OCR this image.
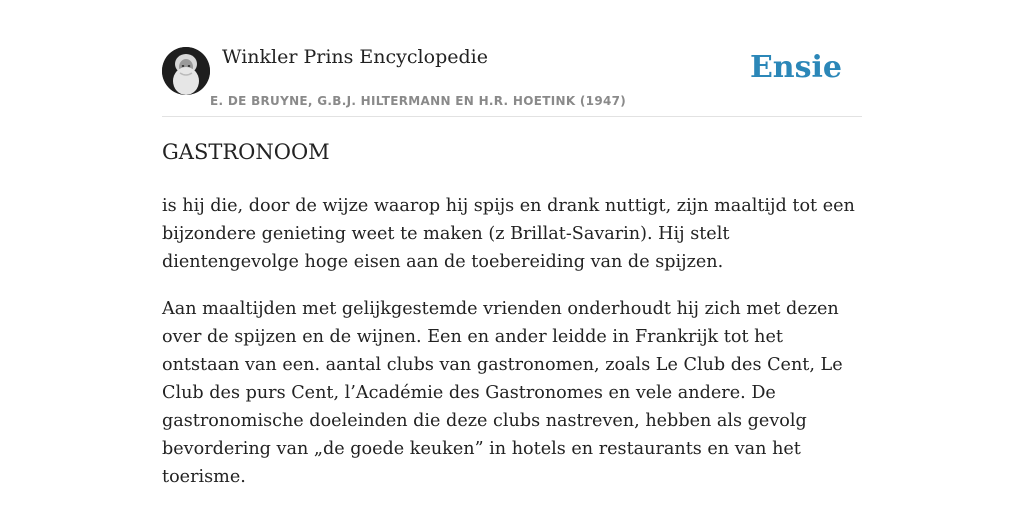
Winkler Prins Encyclopedie
E. DE BRUYNE, G.B.J. HILTERMANN EN H.R. HOETINK (1947)
Ensie
GASTRONOOM

is hij die, door de wijze waarop hij spijs en drank nuttigt, zijn maaltijd tot een bijzondere genieting weet te maken (z Brillat-Savarin). Hij stelt dientengevolge hoge eisen aan de toebereiding van de spijzen.

Aan maaltijden met gelijkgestemde vrienden onderhoudt hij zich met dezen over de spijzen en de wijnen. Een en ander leidde in Frankrijk tot het ontstaan van een. aantal clubs van gastronomen, zoals Le Club des Cent, Le Club des purs Cent, l’Académie des Gastronomes en vele andere. De gastronomische doeleinden die deze clubs nastreven, hebben als gevolg bevordering van „de goede keuken” in hotels en restaurants en van het toerisme.
